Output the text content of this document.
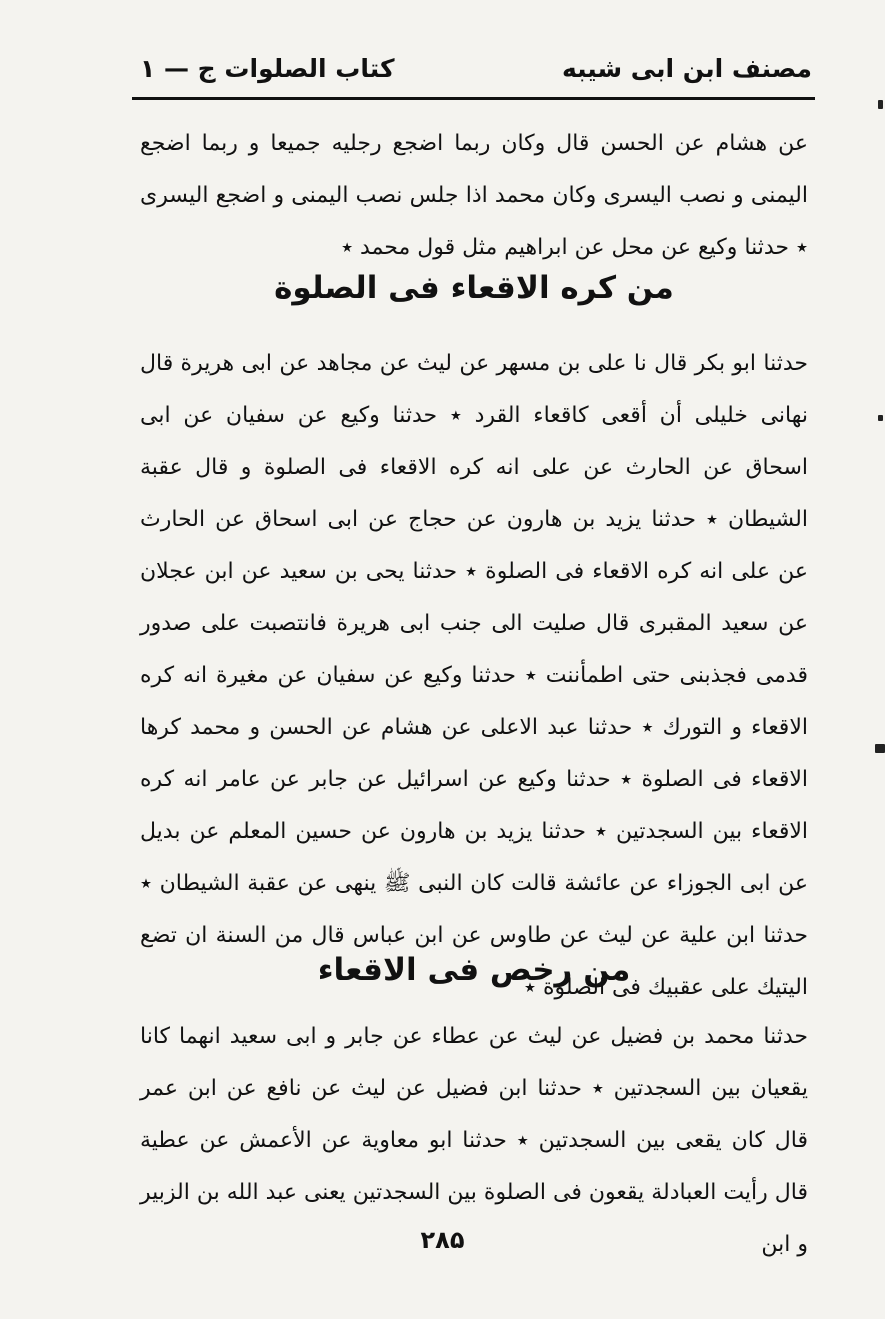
مصنف ابن ابی شیبه
کتاب الصلوات ج — ۱
عن هشام عن الحسن قال وكان ربما اضجع رجليه جميعا و ربما اضجع اليمنى و نصب اليسرى وكان محمد اذا جلس نصب اليمنى و اضجع اليسرى ٭ حدثنا وكيع عن محل عن ابراهيم مثل قول محمد ٭
من كره الاقعاء فى الصلوة
حدثنا ابو بكر قال نا على بن مسهر عن ليث عن مجاهد عن ابى هريرة قال نهانى خليلى أن أقعى كاقعاء القرد ٭ حدثنا وكيع عن سفيان عن ابى اسحاق عن الحارث عن على انه كره الاقعاء فى الصلوة و قال عقبة الشيطان ٭ حدثنا يزيد بن هارون عن حجاج عن ابى اسحاق عن الحارث عن على انه كره الاقعاء فى الصلوة ٭ حدثنا يحى بن سعيد عن ابن عجلان عن سعيد المقبرى قال صليت الى جنب ابى هريرة فانتصبت على صدور قدمى فجذبنى حتى اطمأننت ٭ حدثنا وكيع عن سفيان عن مغيرة انه كره الاقعاء و التورك ٭ حدثنا عبد الاعلى عن هشام عن الحسن و محمد كرها الاقعاء فى الصلوة ٭ حدثنا وكيع عن اسرائيل عن جابر عن عامر انه كره الاقعاء بين السجدتين ٭ حدثنا يزيد بن هارون عن حسين المعلم عن بديل عن ابى الجوزاء عن عائشة قالت كان النبى ﷺ ينهى عن عقبة الشيطان ٭ حدثنا ابن علية عن ليث عن طاوس عن ابن عباس قال من السنة ان تضع اليتيك على عقبيك فى الصلوة ٭
من رخص فى الاقعاء
حدثنا محمد بن فضيل عن ليث عن عطاء عن جابر و ابى سعيد انهما كانا يقعيان بين السجدتين ٭ حدثنا ابن فضيل عن ليث عن نافع عن ابن عمر قال كان يقعى بين السجدتين ٭ حدثنا ابو معاوية عن الأعمش عن عطية قال رأيت العبادلة يقعون فى الصلوة بين السجدتين يعنى عبد الله بن الزبير و ابن
۲۸۵
